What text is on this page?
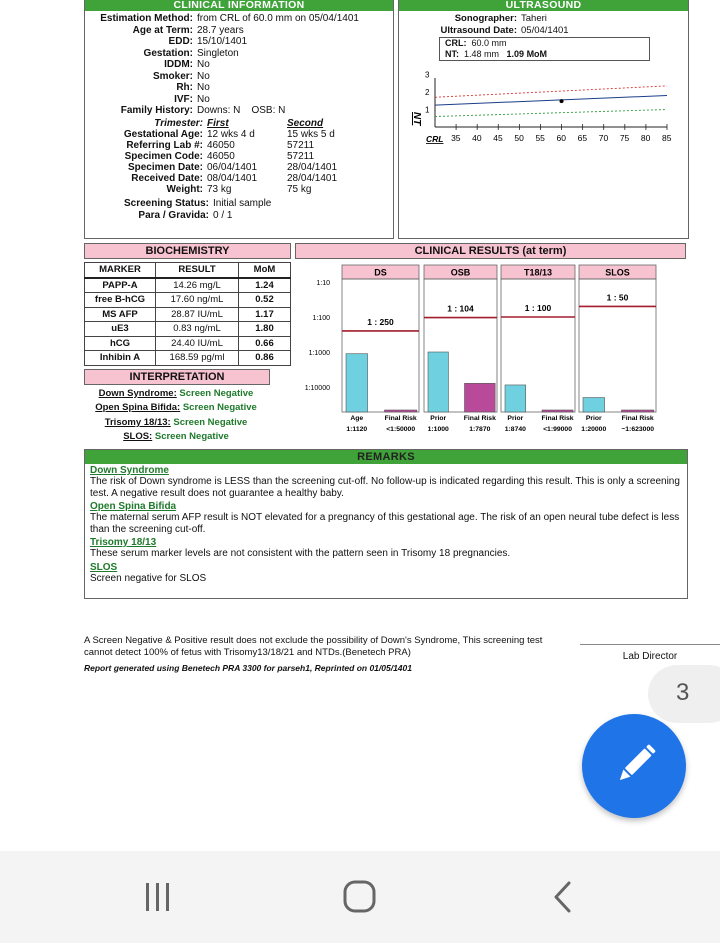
CLINICAL INFORMATION
Estimation Method: from CRL of 60.0 mm on 05/04/1401
Age at Term: 28.7 years
EDD: 15/10/1401
Gestation: Singleton
IDDM: No
Smoker: No
Rh: No
IVF: No
Family History: Downs: N    OSB: N
Trimester: First	Second
Gestational Age: 12 wks 4 d	15 wks 5 d
Referring Lab #: 46050	57211
Specimen Code: 46050	57211
Specimen Date: 06/04/1401	28/04/1401
Received Date: 08/04/1401	28/04/1401
Weight: 73 kg	75 kg
Screening Status: Initial sample
Para / Gravida: 0 / 1
ULTRASOUND
Sonographer: Taheri
Ultrasound Date: 05/04/1401
CRL: 60.0 mm
NT: 1.48 mm 1.09 MoM
3
2
1
35 40 45 50 55 60 65 70 75 80 85
NT
CRL
BIOCHEMISTRY
MARKER	RESULT	MoM
PAPP-A	14.26 mg/L	1.24
free B-hCG	17.60 ng/mL	0.52
MS AFP	28.87 IU/mL	1.17
uE3	0.83 ng/mL	1.80
hCG	24.40 IU/mL	0.66
Inhibin A	168.59 pg/ml	0.86
INTERPRETATION
Down Syndrome: Screen Negative
Open Spina Bifida: Screen Negative
Trisomy 18/13: Screen Negative
SLOS: Screen Negative
CLINICAL RESULTS (at term)
1:10
1:100
1:1000
1:10000
DS
1 : 250
Age
1:1120
Final Risk
<1:50000
OSB
1 : 104
Prior
1:1000
Final Risk
1:7870
T18/13
1 : 100
Prior
1:8740
Final Risk
<1:99000
SLOS
1 : 50
Prior
1:20000
Final Risk
~1:623000
REMARKS
Down Syndrome
The risk of Down syndrome is LESS than the screening cut-off. No follow-up is indicated regarding this result. This is only a screening test. A negative result does not guarantee a healthy baby.
Open Spina Bifida
The maternal serum AFP result is NOT elevated for a pregnancy of this gestational age. The risk of an open neural tube defect is less than the screening cut-off.
Trisomy 18/13
These serum marker levels are not consistent with the pattern seen in Trisomy 18 pregnancies.
SLOS
Screen negative for SLOS
A Screen Negative & Positive result does not exclude the possibility of Down's Syndrome, This screening test cannot detect 100% of fetus with Trisomy13/18/21 and NTDs.(Benetech PRA)
Report generated using Benetech PRA 3300 for parseh1, Reprinted on 01/05/1401
Lab Director
3
